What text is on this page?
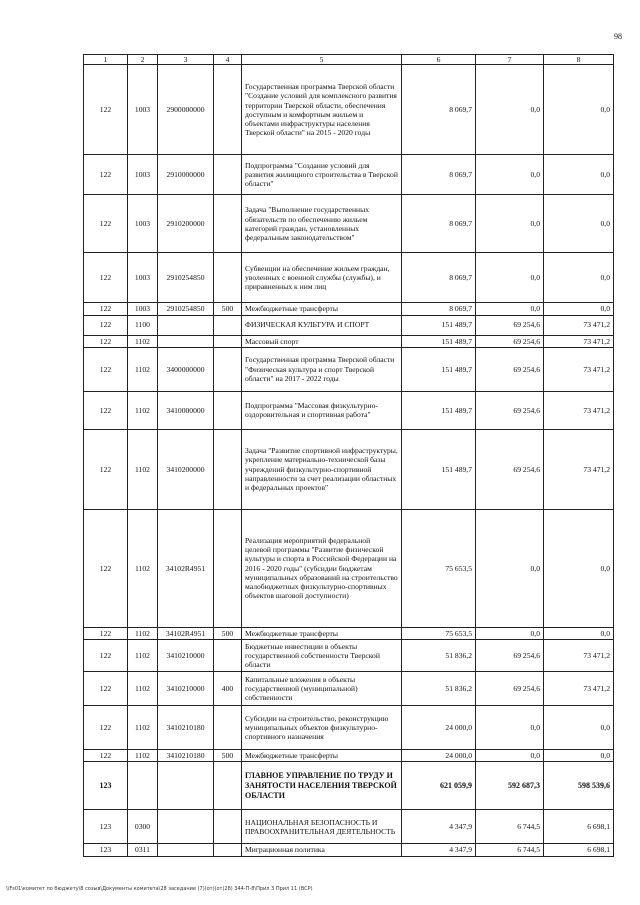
98
1	2	3	4	5	6	7	8
122	1003	2900000000		Государственная программа Тверской области "Создание условий для комплексного развития территории Тверской области, обеспечения доступным и комфортным жильем и объектами инфраструктуры населения Тверской области" на 2015 - 2020 годы	8 069,7	0,0	0,0
122	1003	2910000000		Подпрограмма "Создание условий для развития жилищного строительства в Тверской области"	8 069,7	0,0	0,0
122	1003	2910200000		Задача "Выполнение государственных обязательств по обеспечению жильем категорий граждан, установленных федеральным законодательством"	8 069,7	0,0	0,0
122	1003	2910254850		Субвенции на обеспечение жильем граждан, уволенных с военной службы (службы), и приравненных к ним лиц	8 069,7	0,0	0,0
122	1003	2910254850	500	Межбюджетные трансферты	8 069,7	0,0	0,0
122	1100			ФИЗИЧЕСКАЯ КУЛЬТУРА И СПОРТ	151 489,7	69 254,6	73 471,2
122	1102			Массовый спорт	151 489,7	69 254,6	73 471,2
122	1102	3400000000		Государственная программа Тверской области "Физическая культура и спорт Тверской области" на 2017 - 2022 годы	151 489,7	69 254,6	73 471,2
122	1102	3410000000		Подпрограмма "Массовая физкультурно-оздоровительная и спортивная работа"	151 489,7	69 254,6	73 471,2
122	1102	3410200000		Задача "Развитие спортивной инфраструктуры, укрепление материально-технической базы учреждений физкультурно-спортивной направленности за счет реализации областных и федеральных проектов"	151 489,7	69 254,6	73 471,2
122	1102	34102R4951		Реализация мероприятий федеральной целевой программы "Развитие физической культуры и спорта в Российской Федерации на 2016 - 2020 годы" (субсидии бюджетам муниципальных образований на строительство малобюджетных физкультурно-спортивных объектов шаговой доступности)	75 653,5	0,0	0,0
122	1102	34102R4951	500	Межбюджетные трансферты	75 653,5	0,0	0,0
122	1102	3410210000		Бюджетные инвестиции в объекты государственной собственности Тверской области	51 836,2	69 254,6	73 471,2
122	1102	3410210000	400	Капитальные вложения в объекты государственной (муниципальной) собственности	51 836,2	69 254,6	73 471,2
122	1102	3410210180		Субсидии на строительство, реконструкцию муниципальных объектов физкультурно-спортивного назначения	24 000,0	0,0	0,0
122	1102	3410210180	500	Межбюджетные трансферты	24 000,0	0,0	0,0
123				ГЛАВНОЕ УПРАВЛЕНИЕ ПО ТРУДУ И ЗАНЯТОСТИ НАСЕЛЕНИЯ ТВЕРСКОЙ ОБЛАСТИ	621 059,9	592 687,3	598 539,6
123	0300			НАЦИОНАЛЬНАЯ БЕЗОПАСНОСТЬ И ПРАВООХРАНИТЕЛЬНАЯ ДЕЯТЕЛЬНОСТЬ	4 347,9	6 744,5	6 698,1
123	0311			Миграционная политика	4 347,9	6 744,5	6 698,1
\\Fs01\комитет по бюджету\8 созыв\Документы комитета\28 заседание (7)(от)(от(28) 344-П-8\Прил 3 Прил 11 (ВСР)
